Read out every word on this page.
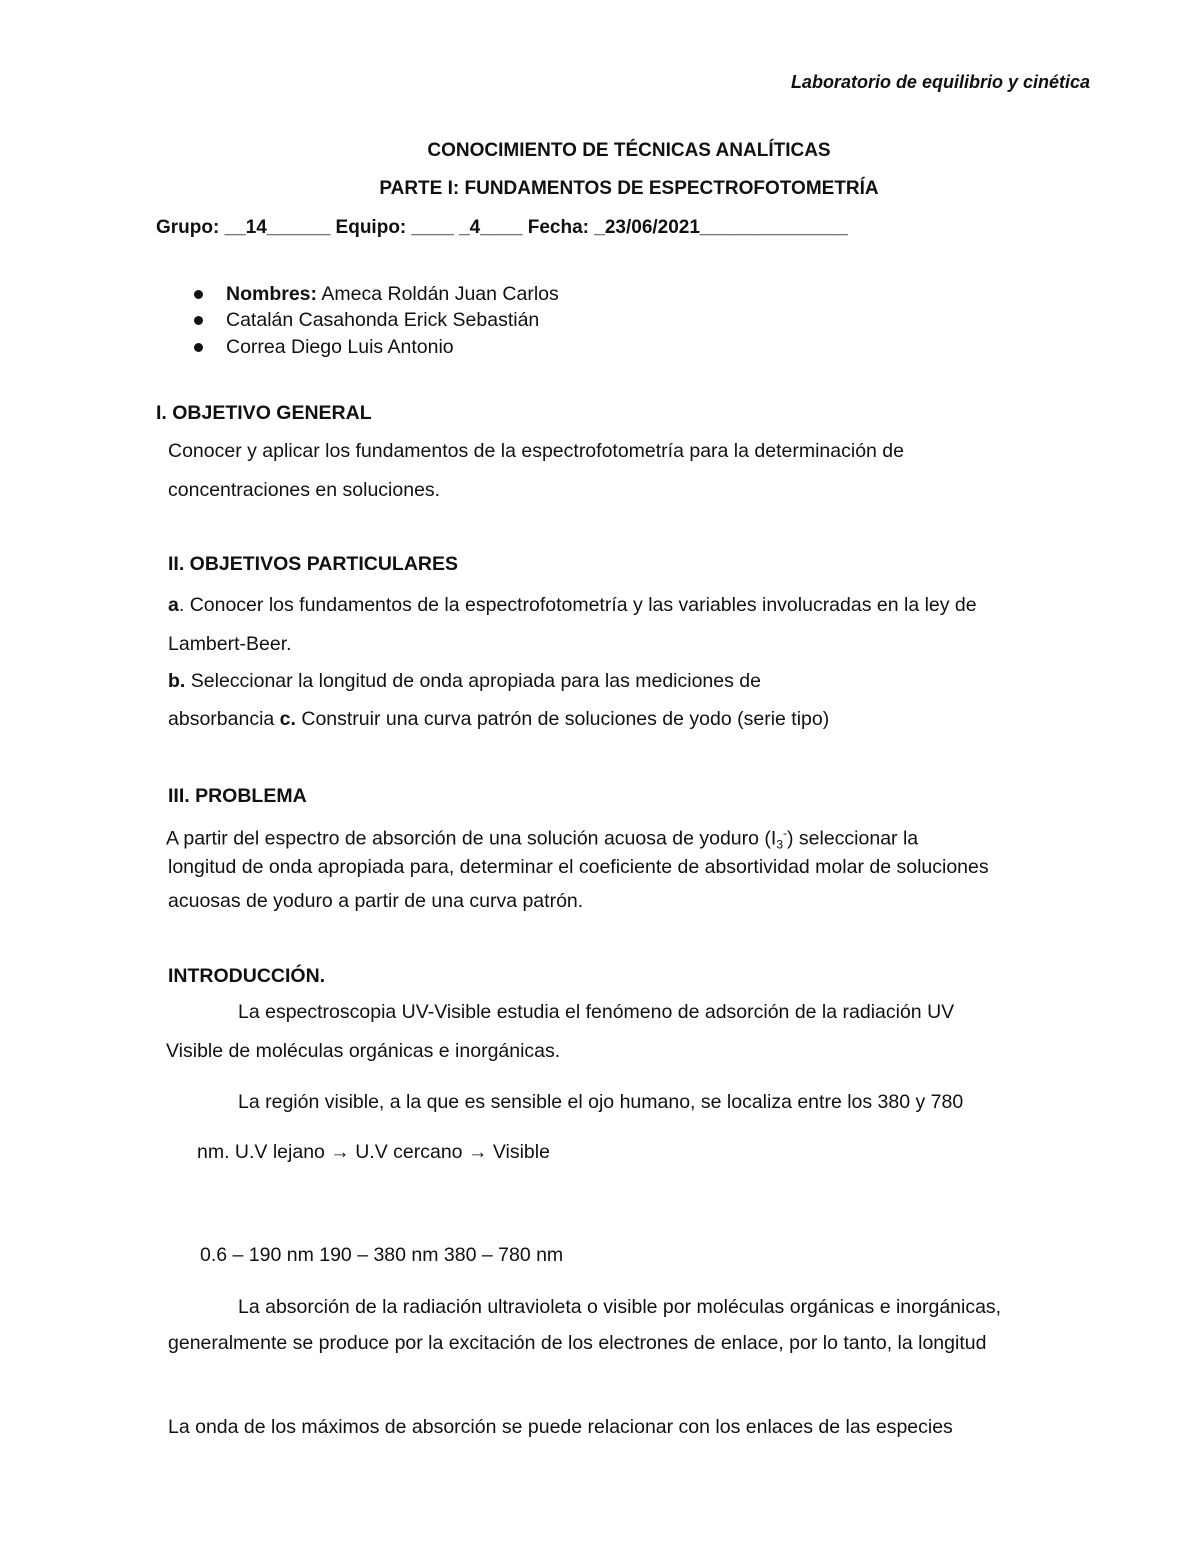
Laboratorio de equilibrio y cinética
CONOCIMIENTO DE TÉCNICAS ANALÍTICAS
PARTE I: FUNDAMENTOS DE ESPECTROFOTOMETRÍA
Grupo: __14______ Equipo: ____ _4____ Fecha: _23/06/2021______________
Nombres: Ameca Roldán Juan Carlos
Catalán Casahonda Erick Sebastián
Correa Diego Luis Antonio
I. OBJETIVO GENERAL
Conocer y aplicar los fundamentos de la espectrofotometría para la determinación de
concentraciones en soluciones.
II. OBJETIVOS PARTICULARES
a. Conocer los fundamentos de la espectrofotometría y las variables involucradas en la ley de
Lambert-Beer.
b. Seleccionar la longitud de onda apropiada para las mediciones de
absorbancia c. Construir una curva patrón de soluciones de yodo (serie tipo)
III. PROBLEMA
A partir del espectro de absorción de una solución acuosa de yoduro $(I_3^-)$ seleccionar la
longitud de onda apropiada para, determinar el coeficiente de absortividad molar de soluciones
acuosas de yoduro a partir de una curva patrón.
INTRODUCCIÓN.
La espectroscopia UV-Visible estudia el fenómeno de adsorción de la radiación UV
Visible de moléculas orgánicas e inorgánicas.
La región visible, a la que es sensible el ojo humano, se localiza entre los 380 y 780
nm. U.V lejano → U.V cercano → Visible
0.6 – 190 nm 190 – 380 nm 380 – 780 nm
La absorción de la radiación ultravioleta o visible por moléculas orgánicas e inorgánicas,
generalmente se produce por la excitación de los electrones de enlace, por lo tanto, la longitud
La onda de los máximos de absorción se puede relacionar con los enlaces de las especies
